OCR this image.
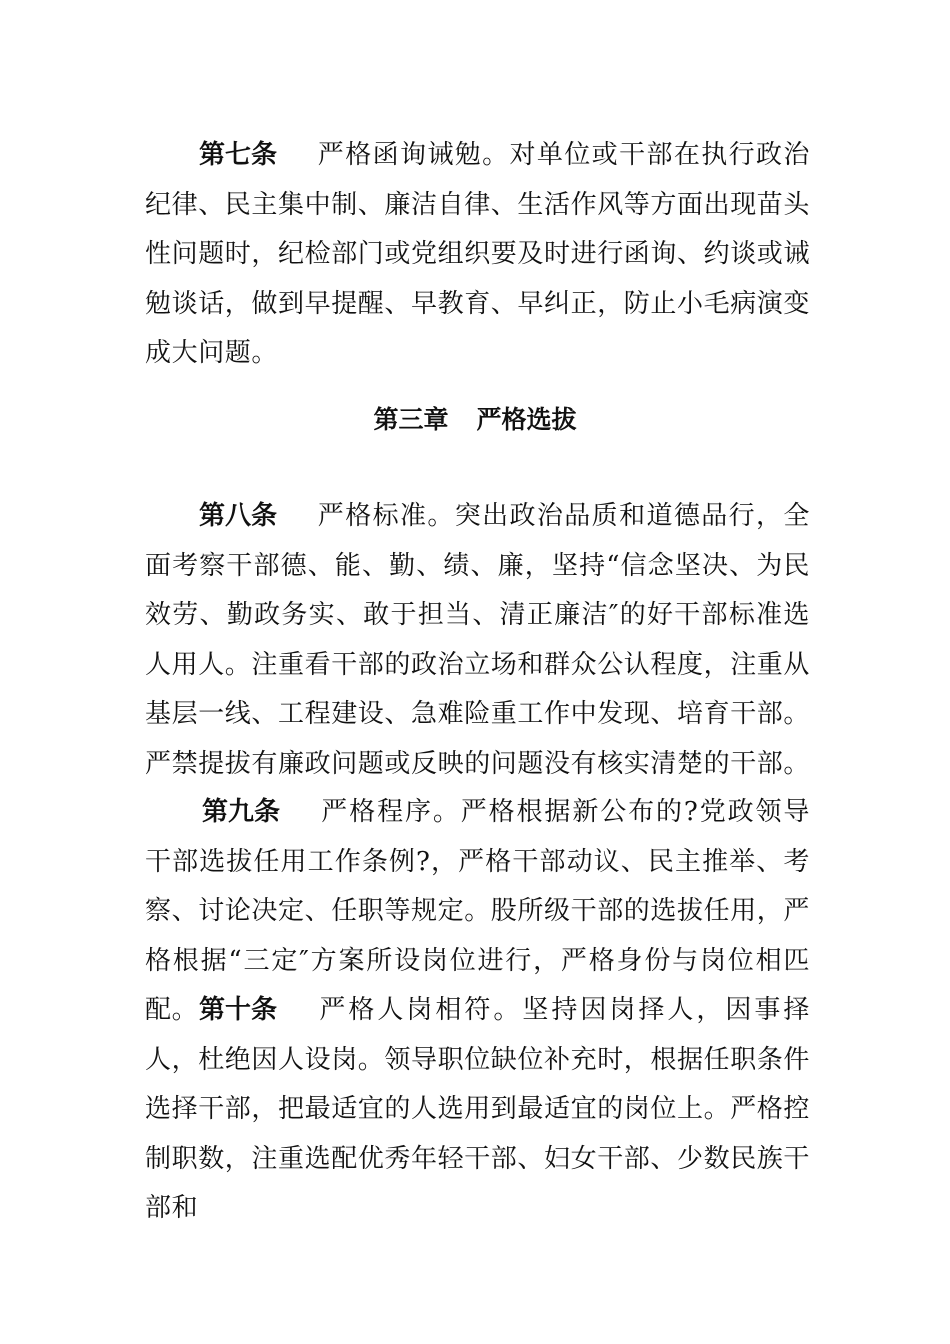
第七条 严格函询诫勉。对单位或干部在执行政治纪律、民主集中制、廉洁自律、生活作风等方面出现苗头性问题时，纪检部门或党组织要及时进行函询、约谈或诫勉谈话，做到早提醒、早教育、早纠正，防止小毛病演变成大问题。

第三章 严格选拔

第八条 严格标准。突出政治品质和道德品行，全面考察干部德、能、勤、绩、廉，坚持“信念坚决、为民效劳、勤政务实、敢于担当、清正廉洁″的好干部标准选人用人。注重看干部的政治立场和群众公认程度，注重从基层一线、工程建设、急难险重工作中发现、培育干部。严禁提拔有廉政问题或反映的问题没有核实清楚的干部。

第九条 严格程序。严格根据新公布的?党政领导干部选拔任用工作条例?，严格干部动议、民主推举、考察、讨论决定、任职等规定。股所级干部的选拔任用，严格根据“三定″方案所设岗位进行，严格身份与岗位相匹配。 第十条 严格人岗相符。坚持因岗择人，因事择人，杜绝因人设岗。领导职位缺位补充时，根据任职条件选择干部，把最适宜的人选用到最适宜的岗位上。严格控制职数，注重选配优秀年轻干部、妇女干部、少数民族干部和
